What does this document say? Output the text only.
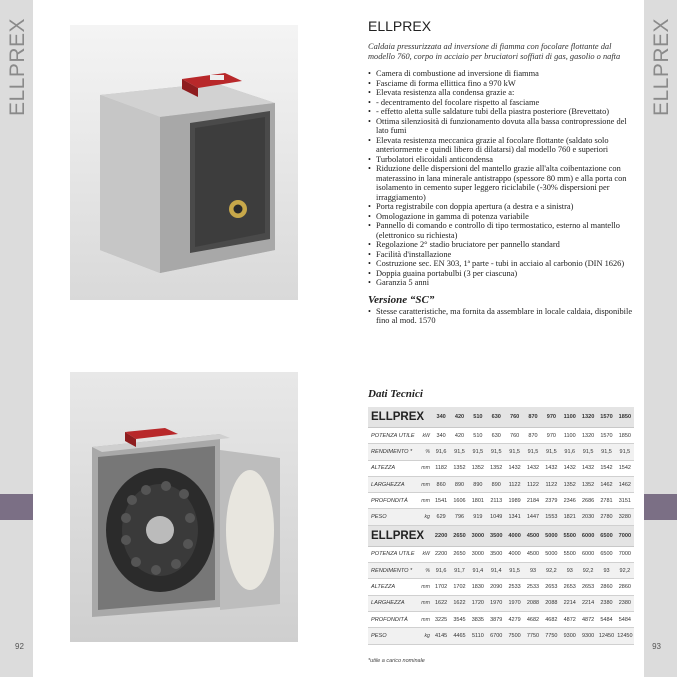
ELLPREX
92
ELLPREX
93
ELLPREX

Caldaia pressurizzata ad inversione di fiamma con focolare flottante dal modello 760, corpo in acciaio per bruciatori soffiati di gas, gasolio o nafta

• Camera di combustione ad inversione di fiamma
• Fasciame di forma ellittica fino a 970 kW
• Elevata resistenza alla condensa grazie a:
• - decentramento del focolare rispetto al fasciame
• - effetto aletta sulle saldature tubi della piastra posteriore (Brevettato)
• Ottima silenziosità di funzionamento dovuta alla bassa contropressione del lato fumi
• Elevata resistenza meccanica grazie al focolare flottante (saldato solo anteriormente e quindi libero di dilatarsi) dal modello 760 e superiori
• Turbolatori elicoidali anticondensa
• Riduzione delle dispersioni del mantello grazie all'alta coibentazione con materassino in lana minerale antistrappo (spessore 80 mm) e alla porta con isolamento in cemento super leggero riciclabile (-30% dispersioni per irraggiamento)
• Porta registrabile con doppia apertura (a destra e a sinistra)
• Omologazione in gamma di potenza variabile
• Pannello di comando e controllo di tipo termostatico, esterno al mantello (elettronico su richiesta)
• Regolazione 2° stadio bruciatore per pannello standard
• Facilità d'installazione
• Costruzione sec. EN 303, 1ª parte - tubi in acciaio al carbonio (DIN 1626)
• Doppia guaina portabulbi (3 per ciascuna)
• Garanzia 5 anni
Versione “SC”
• Stesse caratteristiche, ma fornita da assemblare in locale caldaia, disponibile fino al mod. 1570
Dati Tecnici
ELLPREX	340	420	510	630	760	870	970	1100	1320	1570	1850
POTENZA UTILE	kW	340	420	510	630	760	870	970	1100	1320	1570	1850
RENDIMENTO *	%	91,6	91,5	91,5	91,5	91,5	91,5	91,5	91,6	91,5	91,5	91,5
ALTEZZA	mm 1182	1352	1352	1352	1432	1432	1432	1432	1432	1542	1542
LARGHEZZA	mm	860	890	890	890	1122	1122	1122	1352	1352	1462	1462
PROFONDITÀ	mm 1541	1606	1801	2113	1989	2184	2379	2346	2686	2781	3151
PESO	kg	629	796	919	1049	1341	1447	1553	1821	2030	2780	3280
ELLPREX	2200	2650	3000	3500	4000	4500	5000	5500	6000	6500	7000
POTENZA UTILE	kW 2200	2650	3000	3500	4000	4500	5000	5500	6000	6500	7000
RENDIMENTO *	%	91,6	91,7	91,4	91,4	91,5	93	92,2	93	92,2	93	92,2
ALTEZZA	mm 1702	1702	1830	2090	2533	2533	2653	2653	2653	2860	2860
LARGHEZZA	mm 1622	1622	1720	1970	1970	2088	2088	2214	2214	2380	2380
PROFONDITÀ	mm 3225	3545	3835	3879	4279	4682	4682	4872	4872	5484	5484
PESO	kg 4145	4465	5110	6700	7500	7750	7750	9300	9300 12450 12450
*utile a carico nominale
